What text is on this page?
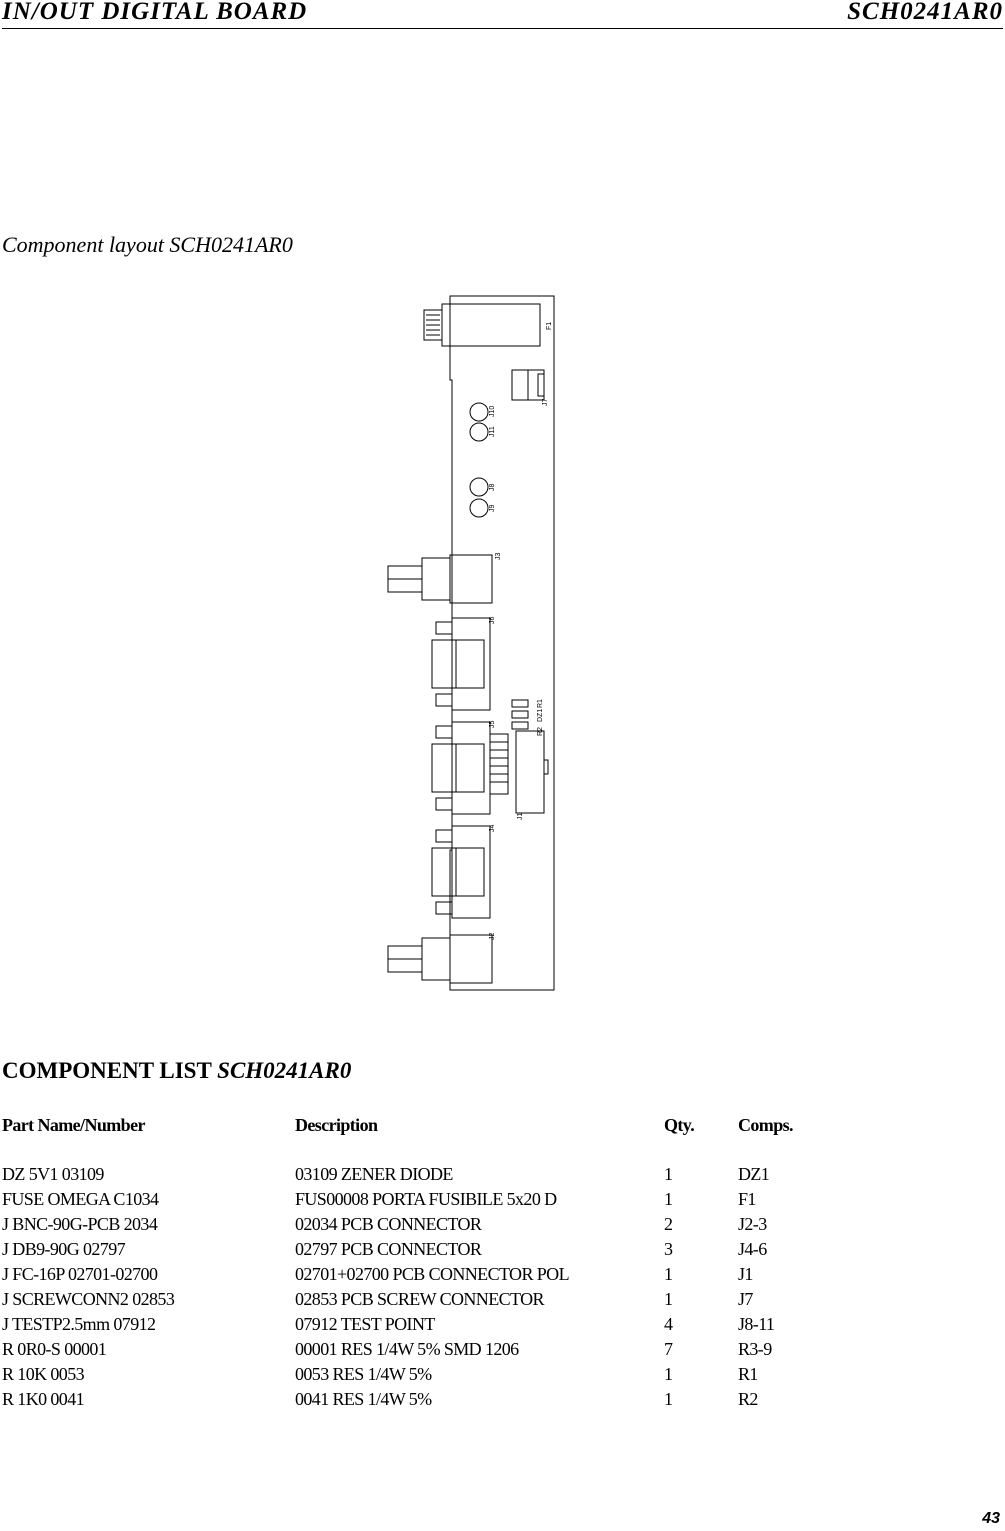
IN/OUT DIGITAL BOARD	SCH0241AR0
Component layout SCH0241AR0
F1
J7
J10
J11
J8
J9
J3
J6
J5
J4
J2
J1
R1
DZ1
R2
COMPONENT LIST SCH0241AR0
Part Name/Number	Description	Qty.	Comps.

DZ 5V1 03109	03109 ZENER DIODE	1	DZ1
FUSE OMEGA C1034	FUS00008 PORTA FUSIBILE 5x20 D	1	F1
J BNC-90G-PCB 2034	02034 PCB CONNECTOR	2	J2-3
J DB9-90G 02797	02797 PCB CONNECTOR	3	J4-6
J FC-16P 02701-02700	02701+02700 PCB CONNECTOR POL	1	J1
J SCREWCONN2 02853	02853 PCB SCREW CONNECTOR	1	J7
J TESTP2.5mm 07912	07912 TEST POINT	4	J8-11
R 0R0-S 00001	00001 RES 1/4W 5% SMD 1206	7	R3-9
R 10K 0053	0053 RES 1/4W 5%	1	R1
R 1K0 0041	0041 RES 1/4W 5%	1	R2
43
